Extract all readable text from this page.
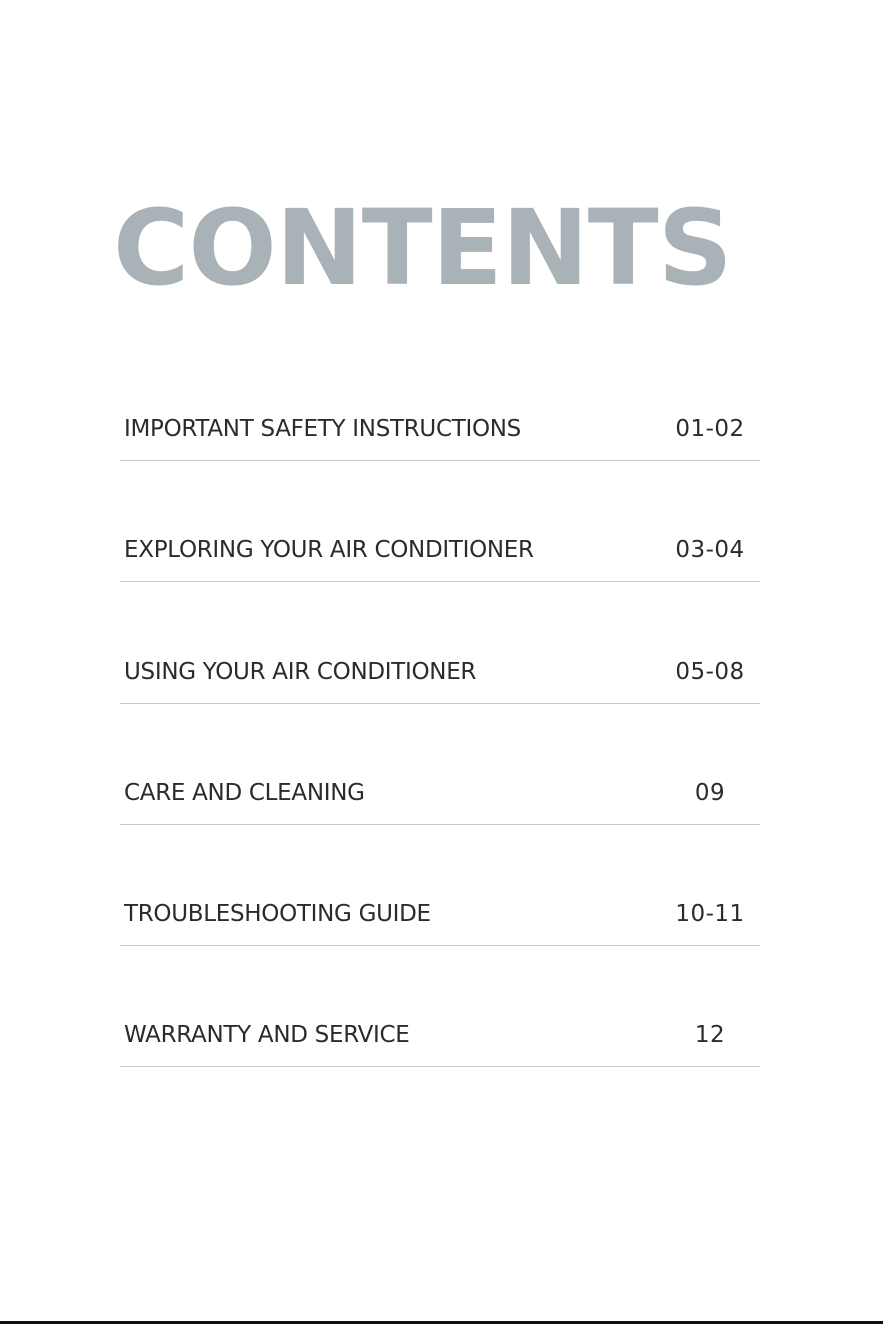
CONTENTS
IMPORTANT SAFETY INSTRUCTIONS	01-02
EXPLORING YOUR AIR CONDITIONER	03-04
USING YOUR AIR CONDITIONER	05-08
CARE AND CLEANING	09
TROUBLESHOOTING GUIDE	10-11
WARRANTY AND SERVICE	12
